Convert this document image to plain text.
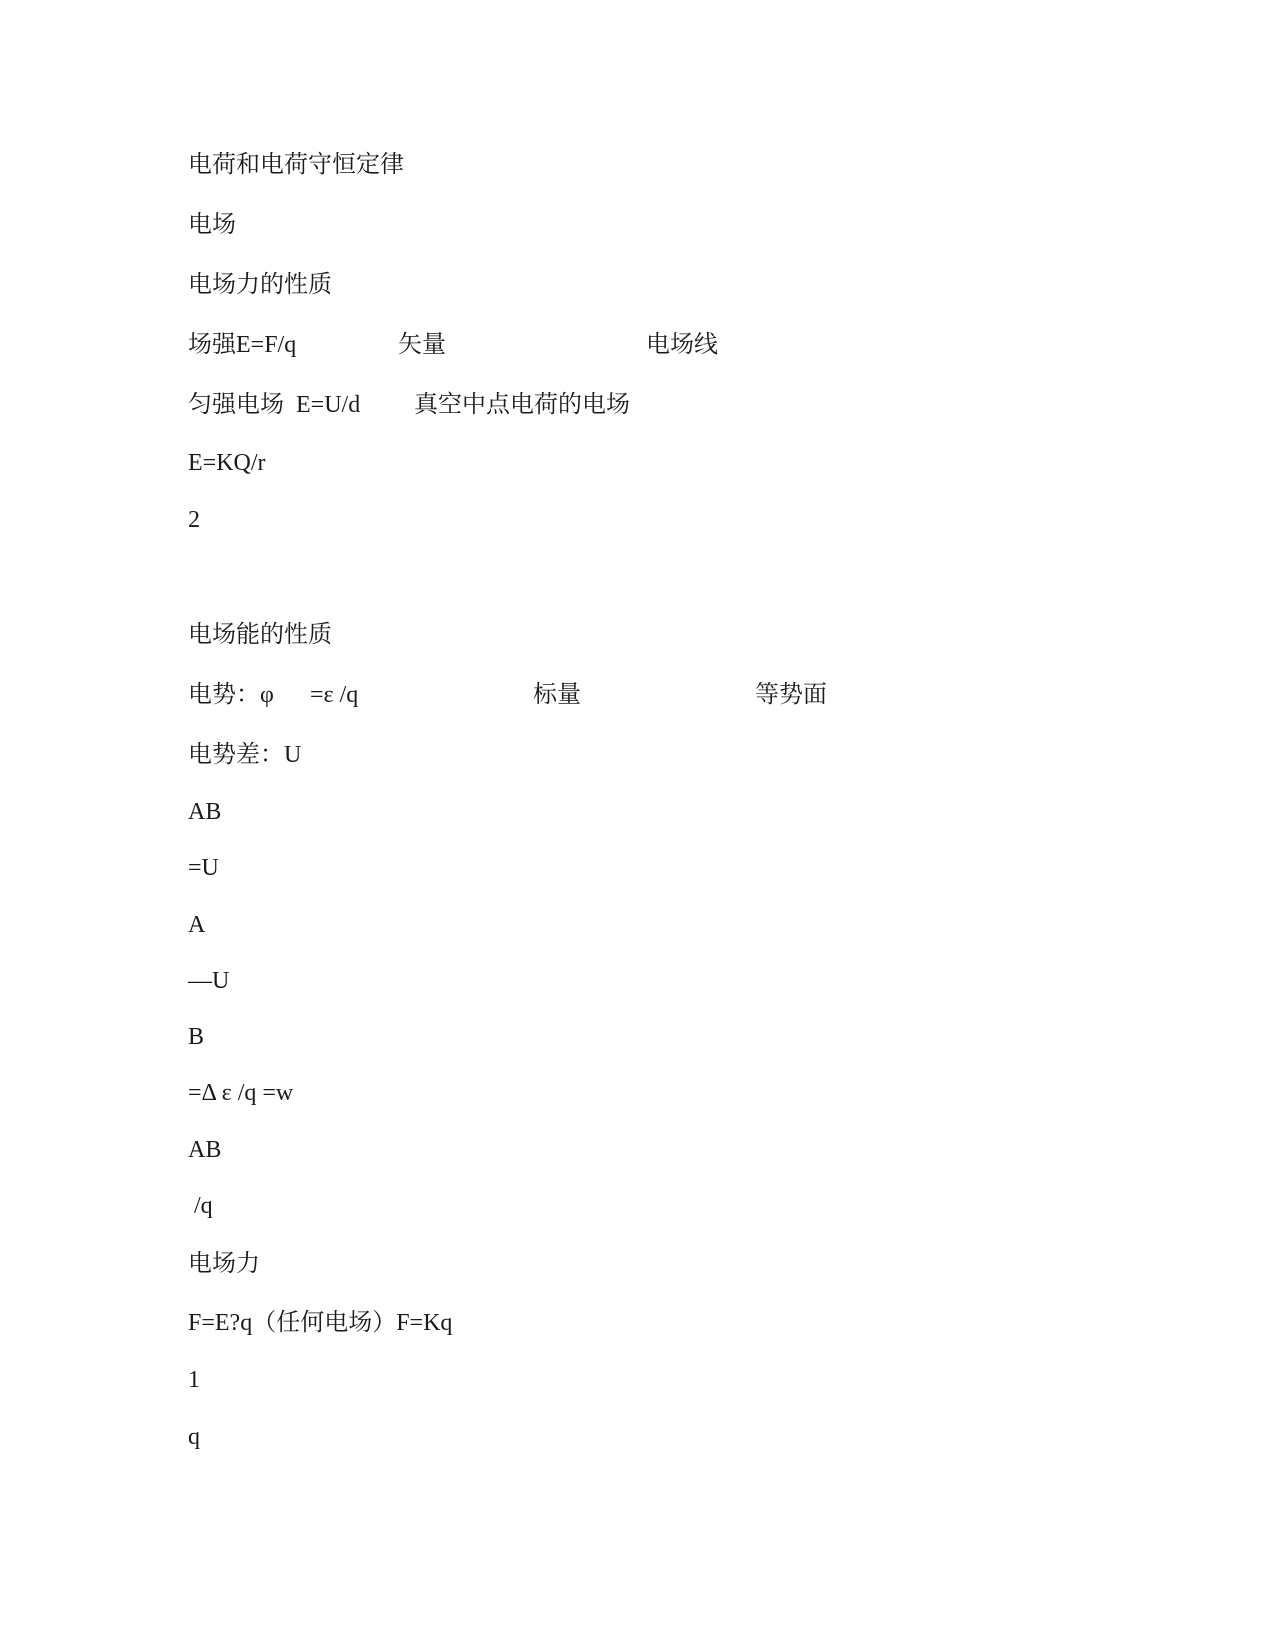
电荷和电荷守恒定律
电场
电场力的性质

场强E=F/q

	矢量

	电场线

匀强电场  E=U/d

真空中点电荷的电场

E=KQ/r
2
电场能的性质

电势：φ

=ε /q

	标量

	等势面

电势差：U
AB
=U
A
—U
B
=Δ ε /q =w
AB
/q
电场力
F=E?q（任何电场）F=Kq
1
q
